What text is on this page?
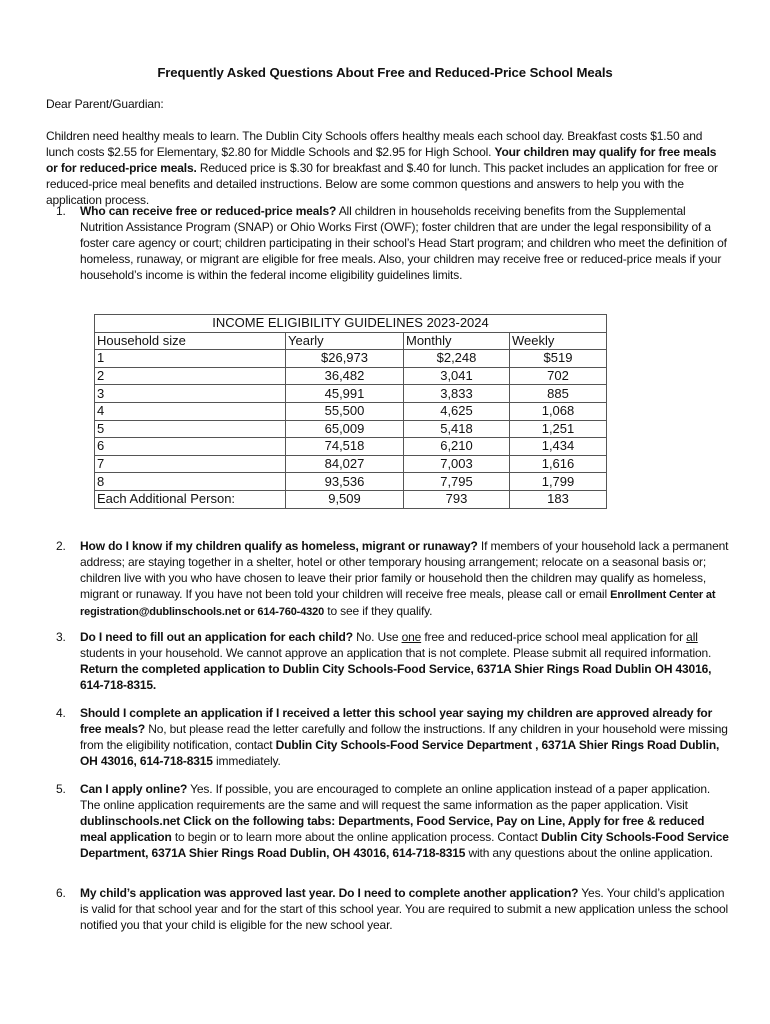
Frequently Asked Questions About Free and Reduced-Price School Meals
Dear Parent/Guardian:
Children need healthy meals to learn. The Dublin City Schools offers healthy meals each school day. Breakfast costs $1.50 and lunch costs $2.55 for Elementary, $2.80 for Middle Schools and $2.95 for High School. Your children may qualify for free meals or for reduced-price meals. Reduced price is $.30 for breakfast and $.40 for lunch. This packet includes an application for free or reduced-price meal benefits and detailed instructions. Below are some common questions and answers to help you with the application process.
1. Who can receive free or reduced-price meals? All children in households receiving benefits from the Supplemental Nutrition Assistance Program (SNAP) or Ohio Works First (OWF); foster children that are under the legal responsibility of a foster care agency or court; children participating in their school’s Head Start program; and children who meet the definition of homeless, runaway, or migrant are eligible for free meals. Also, your children may receive free or reduced-price meals if your household’s income is within the federal income eligibility guidelines limits.
INCOME ELIGIBILITY GUIDELINES 2023-2024			
Household size	Yearly	Monthly	Weekly
1	$26,973	$2,248	$519
2	36,482	3,041	702
3	45,991	3,833	885
4	55,500	4,625	1,068
5	65,009	5,418	1,251
6	74,518	6,210	1,434
7	84,027	7,003	1,616
8	93,536	7,795	1,799
Each Additional Person:	9,509	793	183
2. How do I know if my children qualify as homeless, migrant or runaway? If members of your household lack a permanent address; are staying together in a shelter, hotel or other temporary housing arrangement; relocate on a seasonal basis or; children live with you who have chosen to leave their prior family or household then the children may qualify as homeless, migrant or runaway. If you have not been told your children will receive free meals, please call or email Enrollment Center at registration@dublinschools.net or 614-760-4320 to see if they qualify.
3. Do I need to fill out an application for each child? No. Use one free and reduced-price school meal application for all students in your household. We cannot approve an application that is not complete. Please submit all required information. Return the completed application to Dublin City Schools-Food Service, 6371A Shier Rings Road Dublin OH 43016, 614-718-8315.
4. Should I complete an application if I received a letter this school year saying my children are approved already for free meals? No, but please read the letter carefully and follow the instructions. If any children in your household were missing from the eligibility notification, contact Dublin City Schools-Food Service Department , 6371A Shier Rings Road Dublin, OH 43016, 614-718-8315 immediately.
5. Can I apply online? Yes. If possible, you are encouraged to complete an online application instead of a paper application. The online application requirements are the same and will request the same information as the paper application. Visit dublinschools.net Click on the following tabs: Departments, Food Service, Pay on Line, Apply for free & reduced meal application to begin or to learn more about the online application process. Contact Dublin City Schools-Food Service Department, 6371A Shier Rings Road Dublin, OH 43016, 614-718-8315 with any questions about the online application.
6. My child’s application was approved last year. Do I need to complete another application? Yes. Your child’s application is valid for that school year and for the start of this school year. You are required to submit a new application unless the school notified you that your child is eligible for the new school year.
